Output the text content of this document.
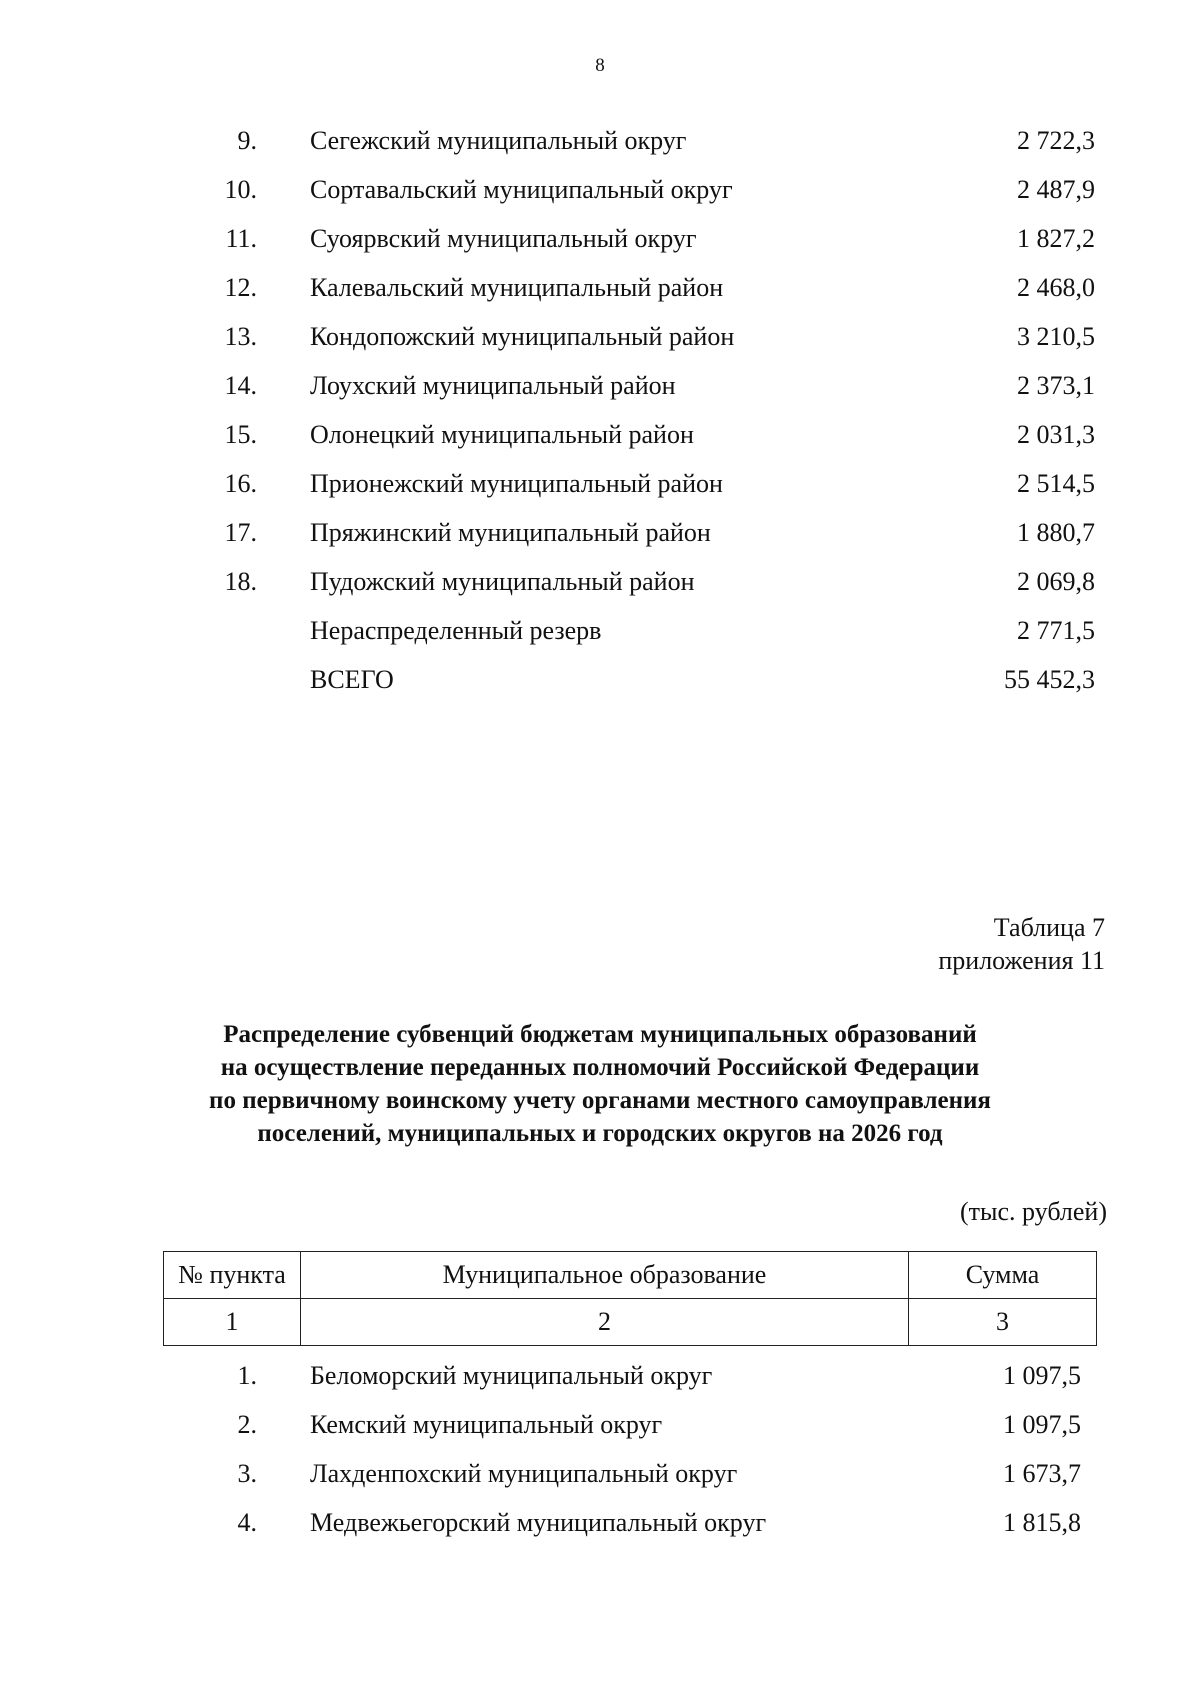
8
9. Сегежский муниципальный округ	2 722,3
10. Сортавальский муниципальный округ	2 487,9
11. Суоярвский муниципальный округ	1 827,2
12. Калевальский муниципальный район	2 468,0
13. Кондопожский муниципальный район	3 210,5
14. Лоухский муниципальный район	2 373,1
15. Олонецкий муниципальный район	2 031,3
16. Прионежский муниципальный район	2 514,5
17. Пряжинский муниципальный район	1 880,7
18. Пудожский муниципальный район	2 069,8
Нераспределенный резерв	2 771,5
ВСЕГО	55 452,3
Таблица 7
приложения 11
Распределение субвенций бюджетам муниципальных образований
на осуществление переданных полномочий Российской Федерации
по первичному воинскому учету органами местного самоуправления
поселений, муниципальных и городских округов на 2026 год
(тыс. рублей)
№ пункта	Муниципальное образование	Сумма
1	2	3
1. Беломорский муниципальный округ	1 097,5
2. Кемский муниципальный округ	1 097,5
3. Лахденпохский муниципальный округ	1 673,7
4. Медвежьегорский муниципальный округ	1 815,8
